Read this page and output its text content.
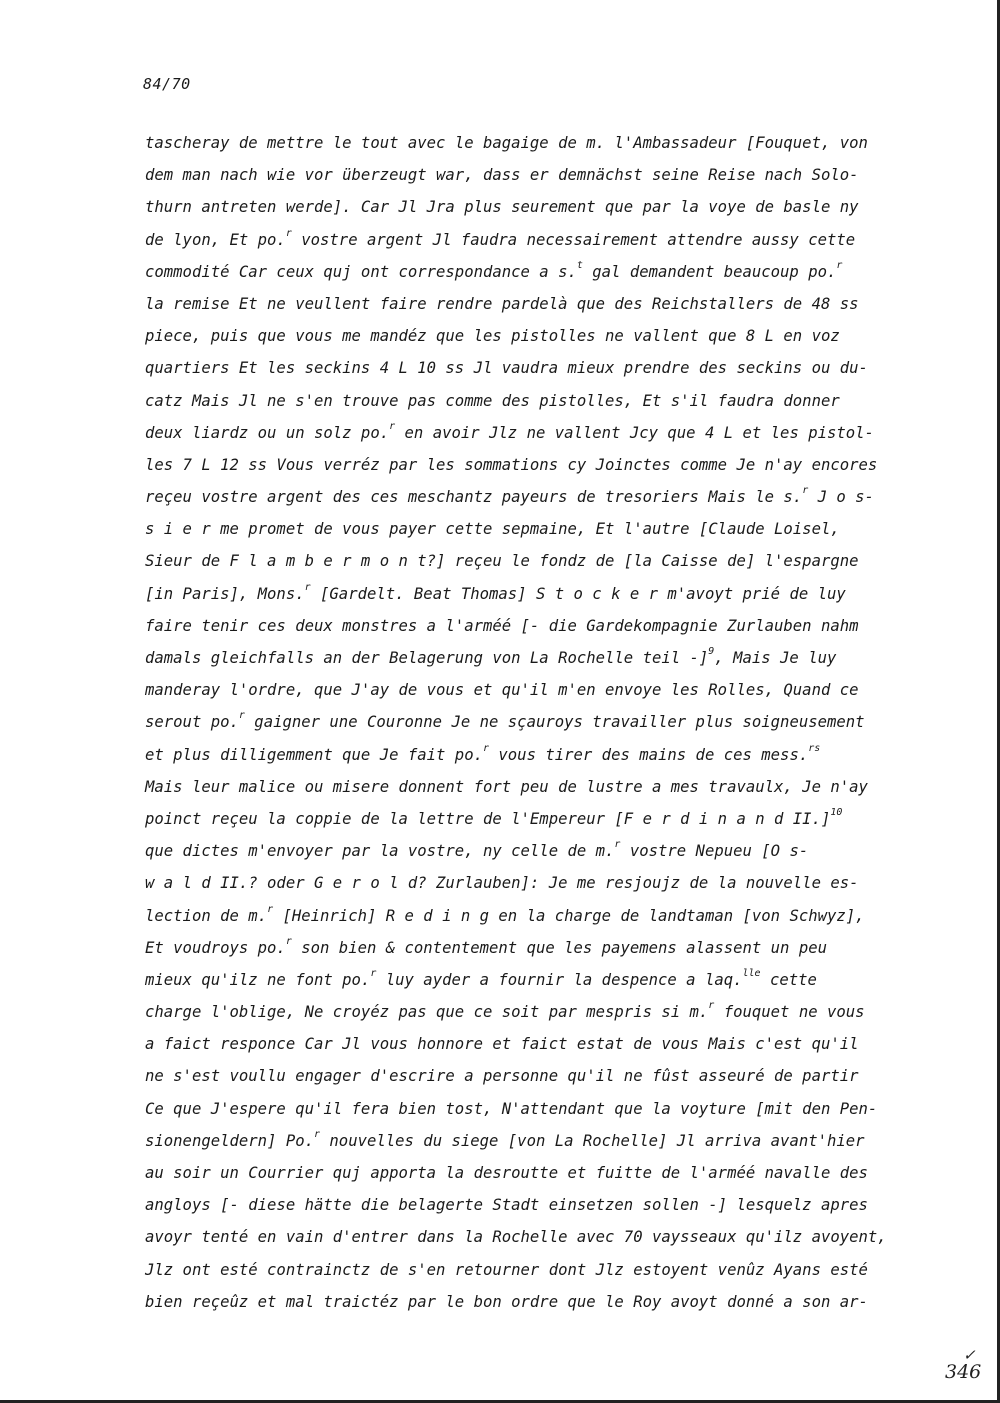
84/70
tascheray de mettre le tout avec le bagaige de m. l'Ambassadeur [Fouquet, von
dem man nach wie vor überzeugt war, dass er demnächst seine Reise nach Solo-
thurn antreten werde]. Car Jl Jra plus seurement que par la voye de basle ny
de lyon, Et po.$^r$ vostre argent Jl faudra necessairement attendre aussy cette
commodité Car ceux quj ont correspondance a s.$^t$ gal demandent beaucoup po.$^r$
la remise Et ne veullent faire rendre pardelà que des Reichstallers de 48 ss
piece, puis que vous me mandéz que les pistolles ne vallent que 8 L en voz
quartiers Et les seckins 4 L 10 ss Jl vaudra mieux prendre des seckins ou du-
catz Mais Jl ne s'en trouve pas comme des pistolles, Et s'il faudra donner
deux liardz ou un solz po.$^r$ en avoir Jlz ne vallent Jcy que 4 L et les pistol-
les 7 L 12 ss Vous verréz par les sommations cy Joinctes comme Je n'ay encores
reçeu vostre argent des ces meschantz payeurs de tresoriers Mais le s.$^r$ J o s-
s i e r me promet de vous payer cette sepmaine, Et l'autre [Claude Loisel,
Sieur de F l a m b e r m o n t?] reçeu le fondz de [la Caisse de] l'espargne
[in Paris], Mons.$^r$ [Gardelt. Beat Thomas] S t o c k e r m'avoyt prié de luy
faire tenir ces deux monstres a l'arméé [- die Gardekompagnie Zurlauben nahm
damals gleichfalls an der Belagerung von La Rochelle teil -]$^9$, Mais Je luy
manderay l'ordre, que J'ay de vous et qu'il m'en envoye les Rolles, Quand ce
serout po.$^r$ gaigner une Couronne Je ne sçauroys travailler plus soigneusement
et plus dilligemment que Je fait po.$^r$ vous tirer des mains de ces mess.$^{rs}$
Mais leur malice ou misere donnent fort peu de lustre a mes travaulx, Je n'ay
poinct reçeu la coppie de la lettre de l'Empereur [F e r d i n a n d II.]$^{10}$
que dictes m'envoyer par la vostre, ny celle de m.$^r$ vostre Nepueu [O s-
w a l d II.? oder G e r o l d? Zurlauben]: Je me resjoujz de la nouvelle es-
lection de m.$^r$ [Heinrich] R e d i n g en la charge de landtaman [von Schwyz],
Et voudroys po.$^r$ son bien & contentement que les payemens alassent un peu
mieux qu'ilz ne font po.$^r$ luy ayder a fournir la despence a laq.$^{lle}$ cette
charge l'oblige, Ne croyéz pas que ce soit par mespris si m.$^r$ fouquet ne vous
a faict responce Car Jl vous honnore et faict estat de vous Mais c'est qu'il
ne s'est voullu engager d'escrire a personne qu'il ne fûst asseuré de partir
Ce que J'espere qu'il fera bien tost, N'attendant que la voyture [mit den Pen-
sionengeldern] Po.$^r$ nouvelles du siege [von La Rochelle] Jl arriva avant'hier
au soir un Courrier quj apporta la desroutte et fuitte de l'arméé navalle des
angloys [- diese hätte die belagerte Stadt einsetzen sollen -] lesquelz apres
avoyr tenté en vain d'entrer dans la Rochelle avec 70 vaysseaux qu'ilz avoyent,
Jlz ont esté contrainctz de s'en retourner dont Jlz estoyent venûz Ayans esté
bien reçeûz et mal traictéz par le bon ordre que le Roy avoyt donné a son ar-
✓
346
